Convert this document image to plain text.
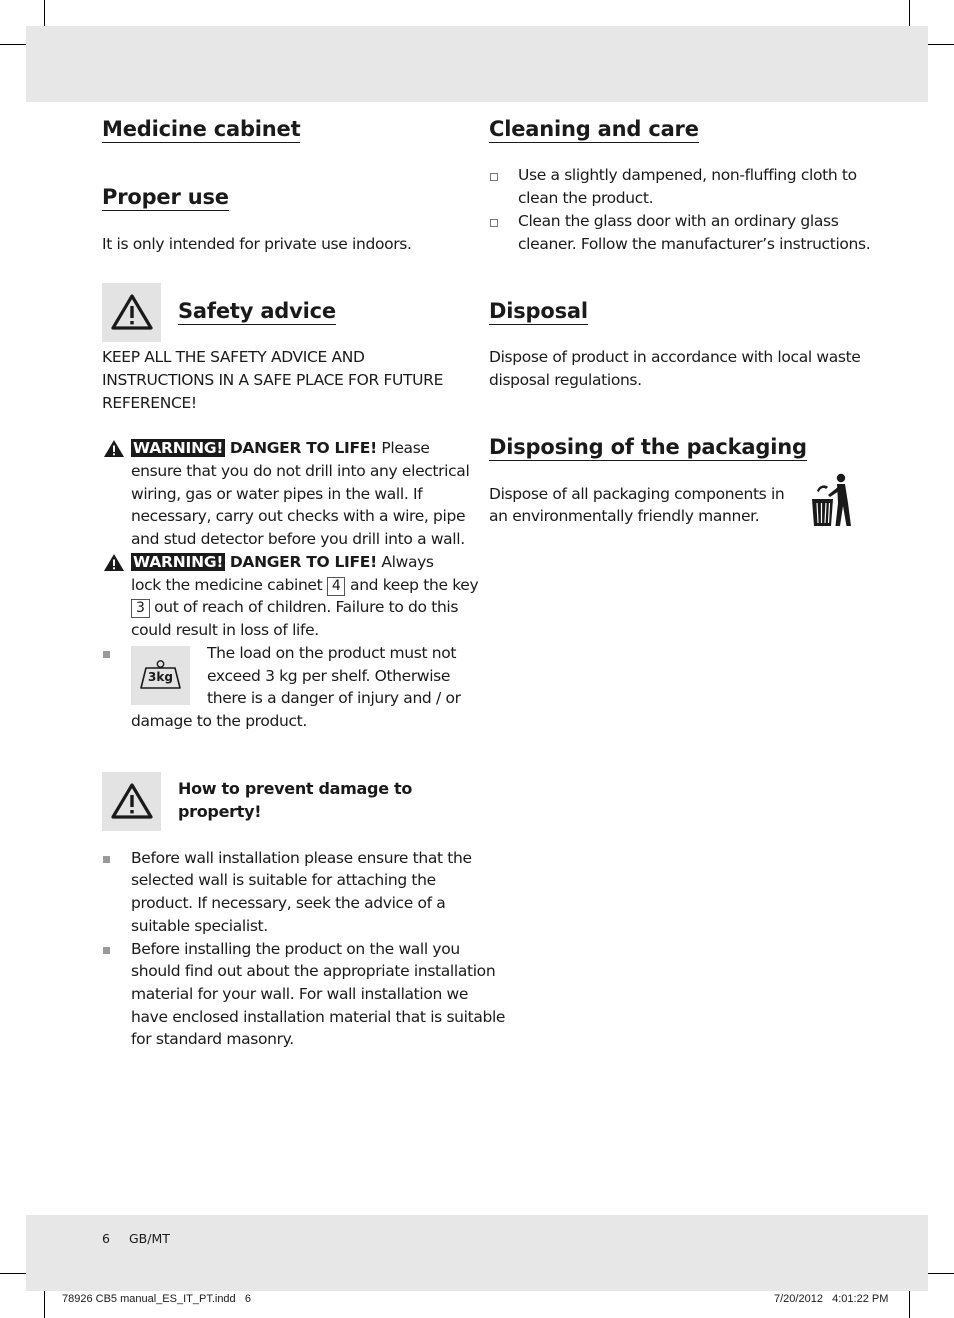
Medicine cabinet
Proper use
It is only intended for private use indoors.
Safety advice
KEEP ALL THE SAFETY ADVICE AND
INSTRUCTIONS IN A SAFE PLACE FOR FUTURE
REFERENCE!
WARNING! DANGER TO LIFE! Please
ensure that you do not drill into any electrical
wiring, gas or water pipes in the wall. If
necessary, carry out checks with a wire, pipe
and stud detector before you drill into a wall.
WARNING! DANGER TO LIFE! Always
lock the medicine cabinet 4 and keep the key
3 out of reach of children. Failure to do this
could result in loss of life.
3kg
The load on the product must not
exceed 3 kg per shelf. Otherwise
there is a danger of injury and / or
damage to the product.
How to prevent damage to
property!
Before wall installation please ensure that the
selected wall is suitable for attaching the
product. If necessary, seek the advice of a
suitable specialist.
Before installing the product on the wall you
should find out about the appropriate installation
material for your wall. For wall installation we
have enclosed installation material that is suitable
for standard masonry.
Cleaning and care
Use a slightly dampened, non-fluffing cloth to
clean the product.
Clean the glass door with an ordinary glass
cleaner. Follow the manufacturer’s instructions.
Disposal
Dispose of product in accordance with local waste
disposal regulations.
Disposing of the packaging
Dispose of all packaging components in
an environmentally friendly manner.
6 GB/MT
78926 CB5 manual_ES_IT_PT.indd   6	7/20/2012   4:01:22 PM
